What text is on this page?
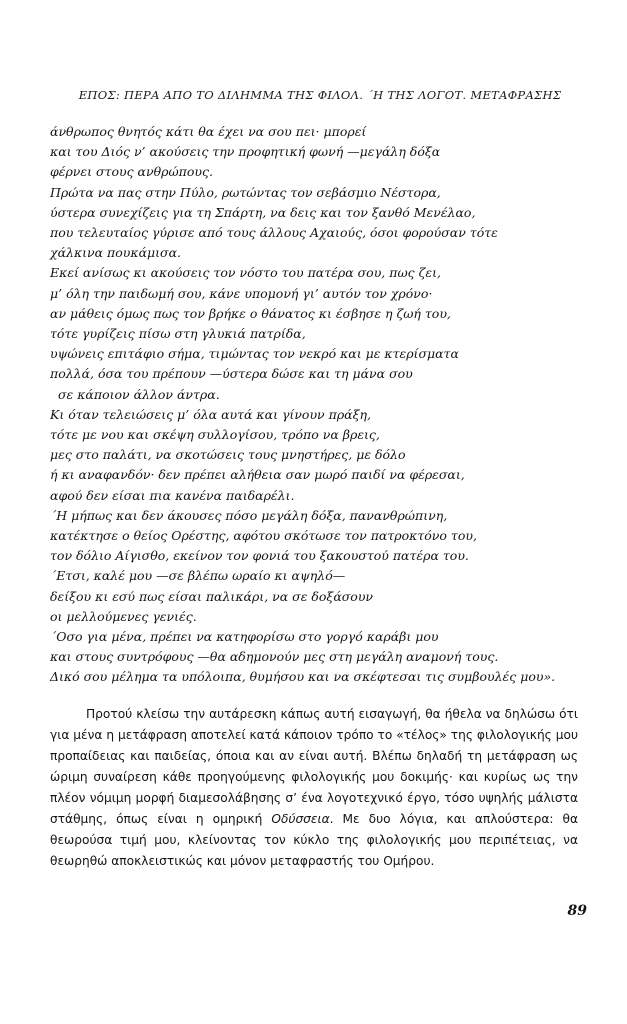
ΕΠΟΣ: ΠΕΡΑ ΑΠΟ ΤΟ ΔΙΛΗΜΜΑ ΤΗΣ ΦΙΛΟΛ. ΄Η ΤΗΣ ΛΟΓΟΤ. ΜΕΤΑΦΡΑΣΗΣ
άνθρωπος θνητός κάτι θα έχει να σου πει· μπορεί
και του Διός ν’ ακούσεις την προφητική φωνή —μεγάλη δόξα
φέρνει στους ανθρώπους.
Πρώτα να πας στην Πύλο, ρωτώντας τον σεβάσμιο Νέστορα,
ύστερα συνεχίζεις για τη Σπάρτη, να δεις και τον ξανθό Μενέλαο,
που τελευταίος γύρισε από τους άλλους Αχαιούς, όσοι φορούσαν τότε
χάλκινα πουκάμισα.
Εκεί ανίσως κι ακούσεις τον νόστο του πατέρα σου, πως ζει,
μ’ όλη την παιδωμή σου, κάνε υπομονή γι’ αυτόν τον χρόνο·
αν μάθεις όμως πως τον βρήκε ο θάνατος κι έσβησε η ζωή του,
τότε γυρίζεις πίσω στη γλυκιά πατρίδα,
υψώνεις επιτάφιο σήμα, τιμώντας τον νεκρό και με κτερίσματα
πολλά, όσα του πρέπουν —ύστερα δώσε και τη μάνα σου
σε κάποιον άλλον άντρα.
Κι όταν τελειώσεις μ’ όλα αυτά και γίνουν πράξη,
τότε με νου και σκέψη συλλογίσου, τρόπο να βρεις,
μες στο παλάτι, να σκοτώσεις τους μνηστήρες, με δόλο
ή κι αναφανδόν· δεν πρέπει αλήθεια σαν μωρό παιδί να φέρεσαι,
αφού δεν είσαι πια κανένα παιδαρέλι.
΄Η μήπως και δεν άκουσες πόσο μεγάλη δόξα, πανανθρώπινη,
κατέκτησε ο θείος Ορέστης, αφότου σκότωσε τον πατροκτόνο του,
τον δόλιο Αίγισθο, εκείνον τον φονιά του ξακουστού πατέρα του.
΄Ετσι, καλέ μου —σε βλέπω ωραίο κι αψηλό—
δείξου κι εσύ πως είσαι παλικάρι, να σε δοξάσουν
οι μελλούμενες γενιές.
΄Οσο για μένα, πρέπει να κατηφορίσω στο γοργό καράβι μου
και στους συντρόφους —θα αδημονούν μες στη μεγάλη αναμονή τους.
Δικό σου μέλημα τα υπόλοιπα, θυμήσου και να σκέφτεσαι τις συμβουλές μου».

Προτού κλείσω την αυτάρεσκη κάπως αυτή εισαγωγή, θα ήθελα να δηλώσω ότι για μένα η μετάφραση αποτελεί κατά κάποιον τρόπο το «τέλος» της φιλολογικής μου προπαίδειας και παιδείας, όποια και αν είναι αυτή. Βλέπω δηλαδή τη μετάφραση ως ώριμη συναίρεση κάθε προηγούμενης φιλολογικής μου δοκιμής· και κυρίως ως την πλέον νόμιμη μορφή διαμεσολάβησης σ’ ένα λογοτεχνικό έργο, τόσο υψηλής μάλιστα στάθμης, όπως είναι η ομηρική Οδύσσεια. Με δυο λόγια, και απλούστερα: θα θεωρούσα τιμή μου, κλείνοντας τον κύκλο της φιλολογικής μου περιπέτειας, να θεωρηθώ αποκλειστικώς και μόνον μεταφραστής του Ομήρου.

89
